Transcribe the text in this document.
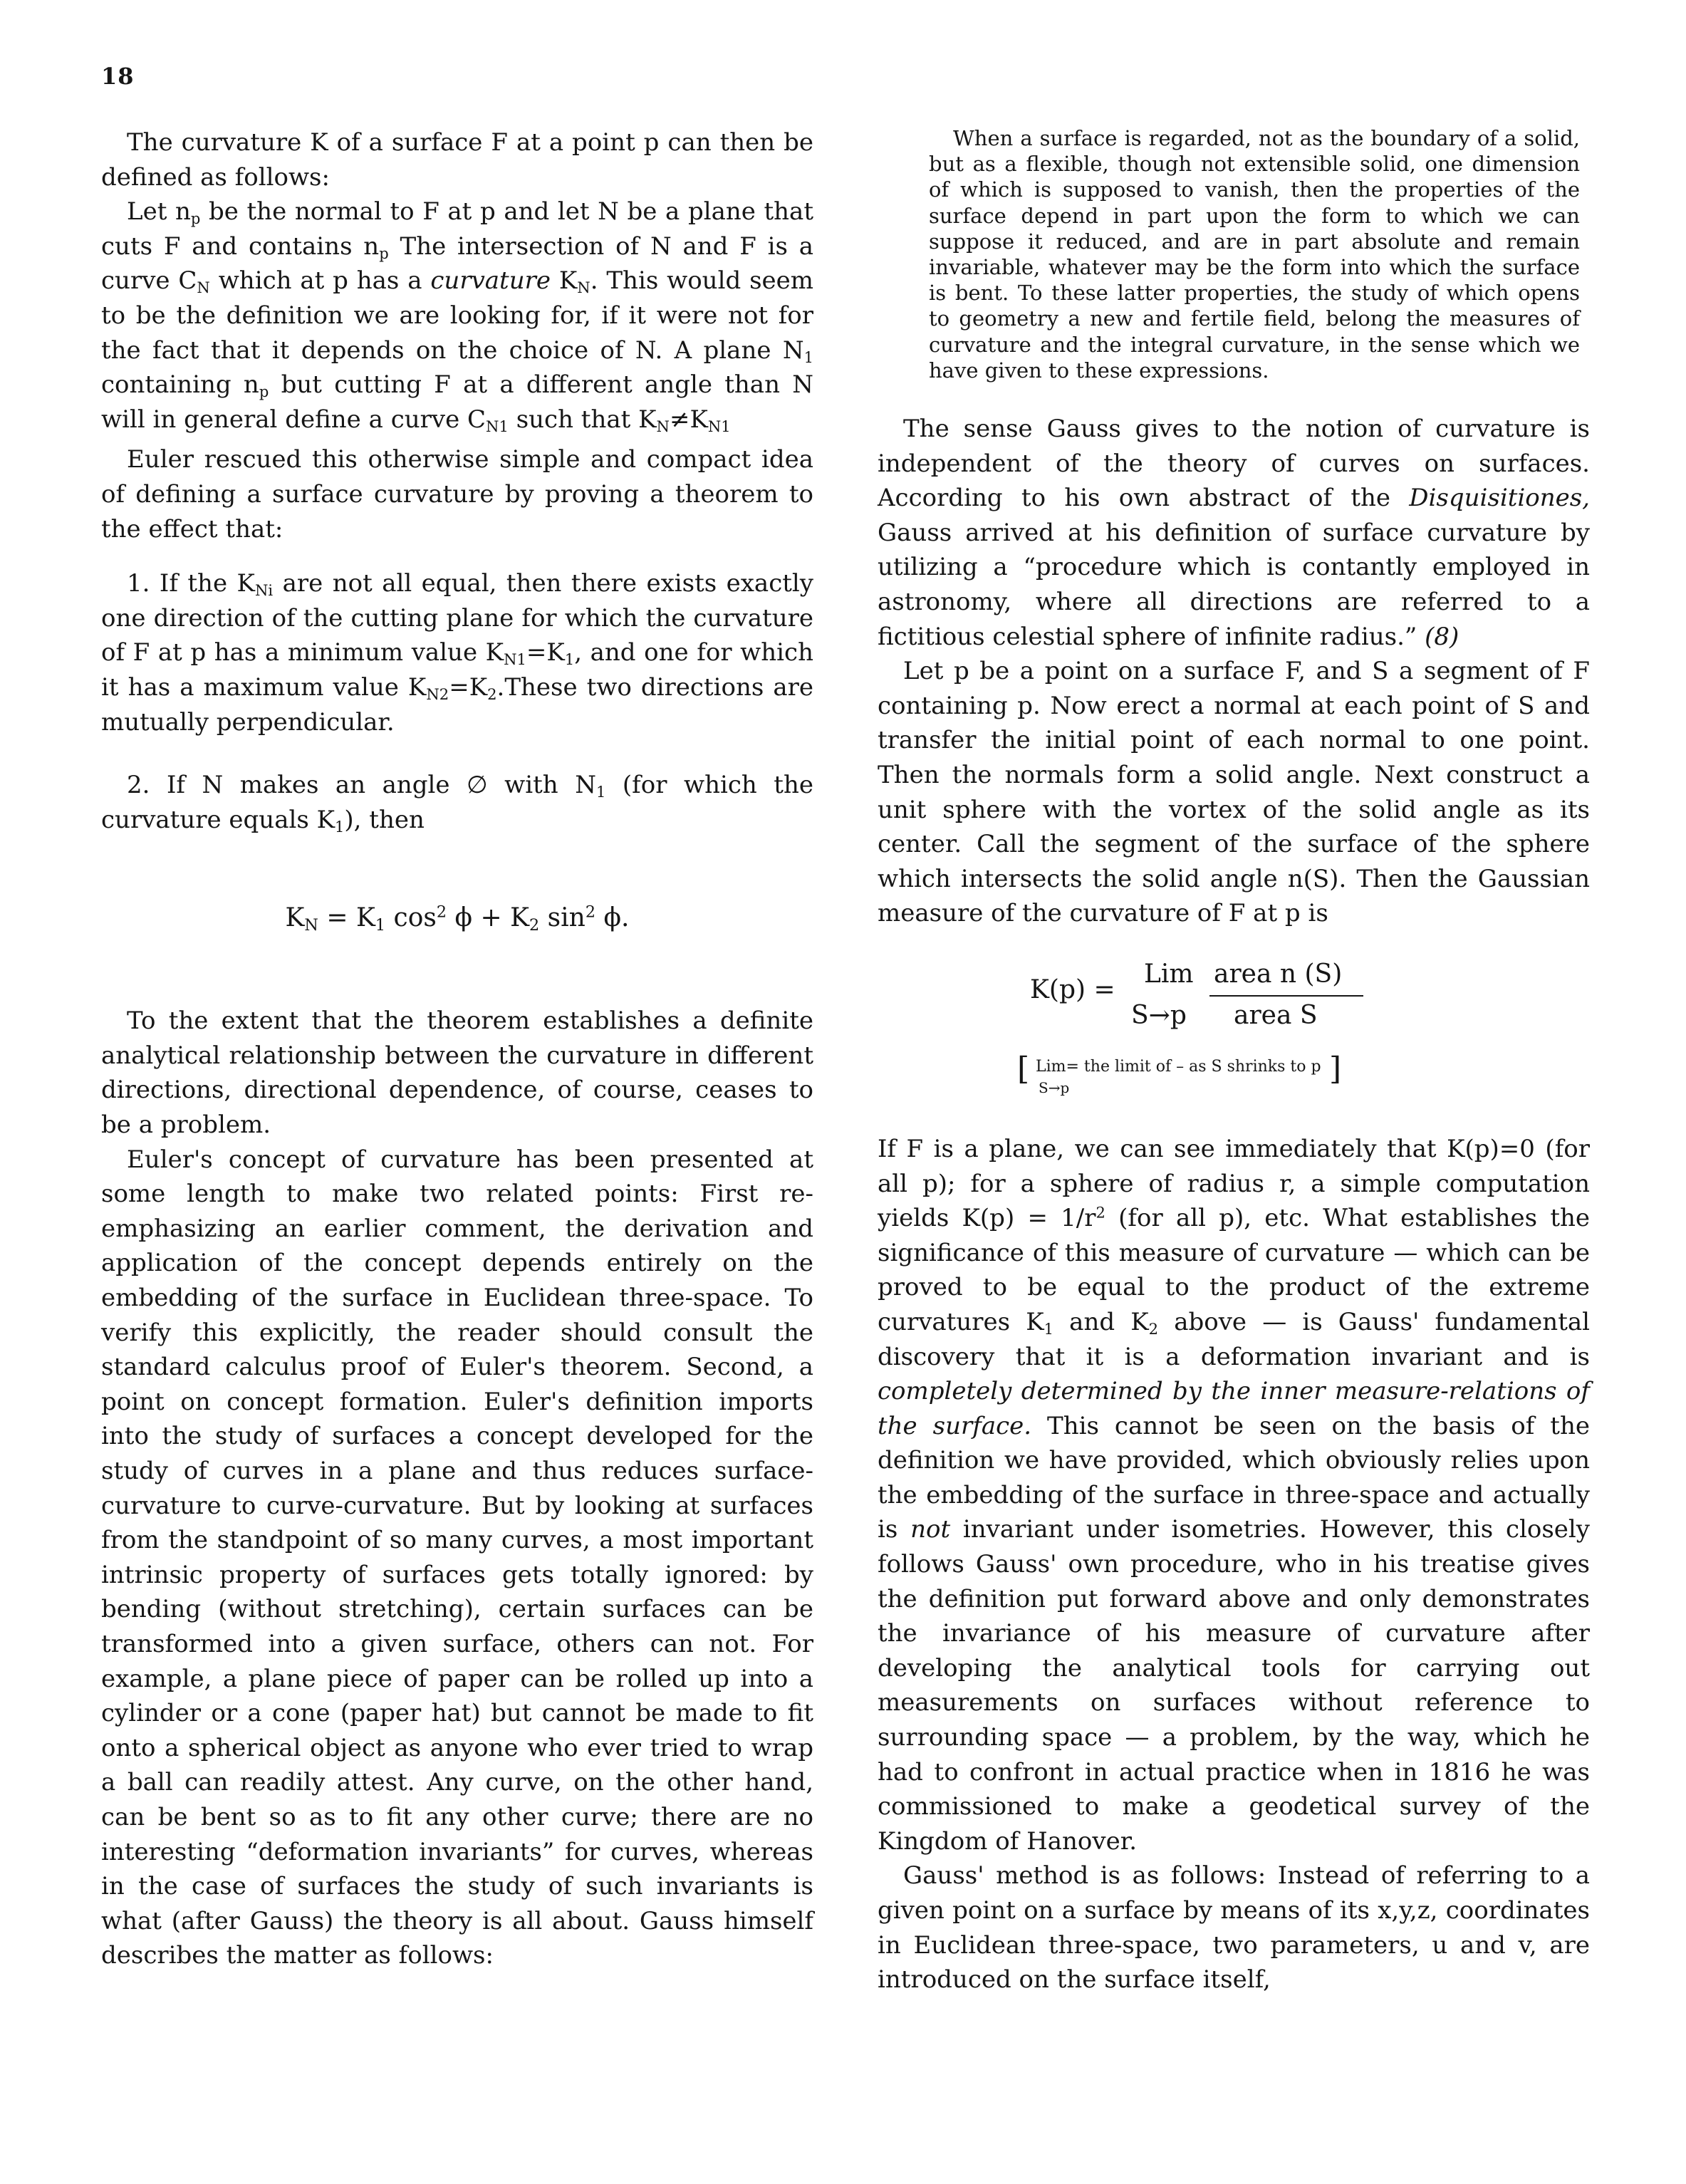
18

The curvature K of a surface F at a point p can then be defined as follows:

Let $n_p$ be the normal to F at p and let N be a plane that cuts F and contains $n_p$ The intersection of N and F is a curve $C_N$ which at p has a curvature $K_N$. This would seem to be the definition we are looking for, if it were not for the fact that it depends on the choice of N. A plane $N_1$ containing $n_p$ but cutting F at a different angle than N will in general define a curve $C_{N1}$ such that $K_N\ne K_{N1}$

Euler rescued this otherwise simple and compact idea of defining a surface curvature by proving a theorem to the effect that:

1. If the $K_{Ni}$ are not all equal, then there exists exactly one direction of the cutting plane for which the curvature of F at p has a minimum value $K_{N1}=K_1$, and one for which it has a maximum value $K_{N2}=K_2.These$ two directions are mutually perpendicular.
2. If N makes an angle ∅ with $N_1$ (for which the curvature equals $K_1$), then
$K_N = K_1$ $\cos^2 \phi + K_2$ $\sin^2 \phi$.

To the extent that the theorem establishes a definite analytical relationship between the curvature in different directions, directional dependence, of course, ceases to be a problem.

Euler's concept of curvature has been presented at some length to make two related points: First re-emphasizing an earlier comment, the derivation and application of the concept depends entirely on the embedding of the surface in Euclidean three-space. To verify this explicitly, the reader should consult the standard calculus proof of Euler's theorem. Second, a point on concept formation. Euler's definition imports into the study of surfaces a concept developed for the study of curves in a plane and thus reduces surface-curvature to curve-curvature. But by looking at surfaces from the standpoint of so many curves, a most important intrinsic property of surfaces gets totally ignored: by bending (without stretching), certain surfaces can be transformed into a given surface, others can not. For example, a plane piece of paper can be rolled up into a cylinder or a cone (paper hat) but cannot be made to fit onto a spherical object as anyone who ever tried to wrap a ball can readily attest. Any curve, on the other hand, can be bent so as to fit any other curve; there are no interesting “deformation invariants” for curves, whereas in the case of surfaces the study of such invariants is what (after Gauss) the theory is all about. Gauss himself describes the matter as follows:

When a surface is regarded, not as the boundary of a solid, but as a flexible, though not extensible solid, one dimension of which is supposed to vanish, then the properties of the surface depend in part upon the form to which we can suppose it reduced, and are in part absolute and remain invariable, whatever may be the form into which the surface is bent. To these latter properties, the study of which opens to geometry a new and fertile field, belong the measures of curvature and the integral curvature, in the sense which we have given to these expressions.

The sense Gauss gives to the notion of curvature is independent of the theory of curves on surfaces. According to his own abstract of the Disquisitiones, Gauss arrived at his definition of surface curvature by utilizing a “procedure which is contantly employed in astronomy, where all directions are referred to a fictitious celestial sphere of infinite radius.” (8)

Let p be a point on a surface F, and S a segment of F containing p. Now erect a normal at each point of S and transfer the initial point of each normal to one point. Then the normals form a solid angle. Next construct a unit sphere with the vortex of the solid angle as its center. Call the segment of the surface of the sphere which intersects the solid angle n(S). Then the Gaussian measure of the curvature of F at p is

K(p) =
Lim
S→p
area n (S)
area S
[ Lim= the limit of – as S shrinks to p
S→p
]

If F is a plane, we can see immediately that K(p)=0 (for all p); for a sphere of radius r, a simple computation yields $K(p) = 1/r^2$ (for all p), etc. What establishes the significance of this measure of curvature — which can be proved to be equal to the product of the extreme curvatures $K_1$ and $K_2$ above — is Gauss' fundamental discovery that it is a deformation invariant and is completely determined by the inner measure-relations of the surface. This cannot be seen on the basis of the definition we have provided, which obviously relies upon the embedding of the surface in three-space and actually is not invariant under isometries. However, this closely follows Gauss' own procedure, who in his treatise gives the definition put forward above and only demonstrates the invariance of his measure of curvature after developing the analytical tools for carrying out measurements on surfaces without reference to surrounding space — a problem, by the way, which he had to confront in actual practice when in 1816 he was commissioned to make a geodetical survey of the Kingdom of Hanover.

Gauss' method is as follows: Instead of referring to a given point on a surface by means of its x,y,z, coordinates in Euclidean three-space, two parameters, u and v, are introduced on the surface itself,
